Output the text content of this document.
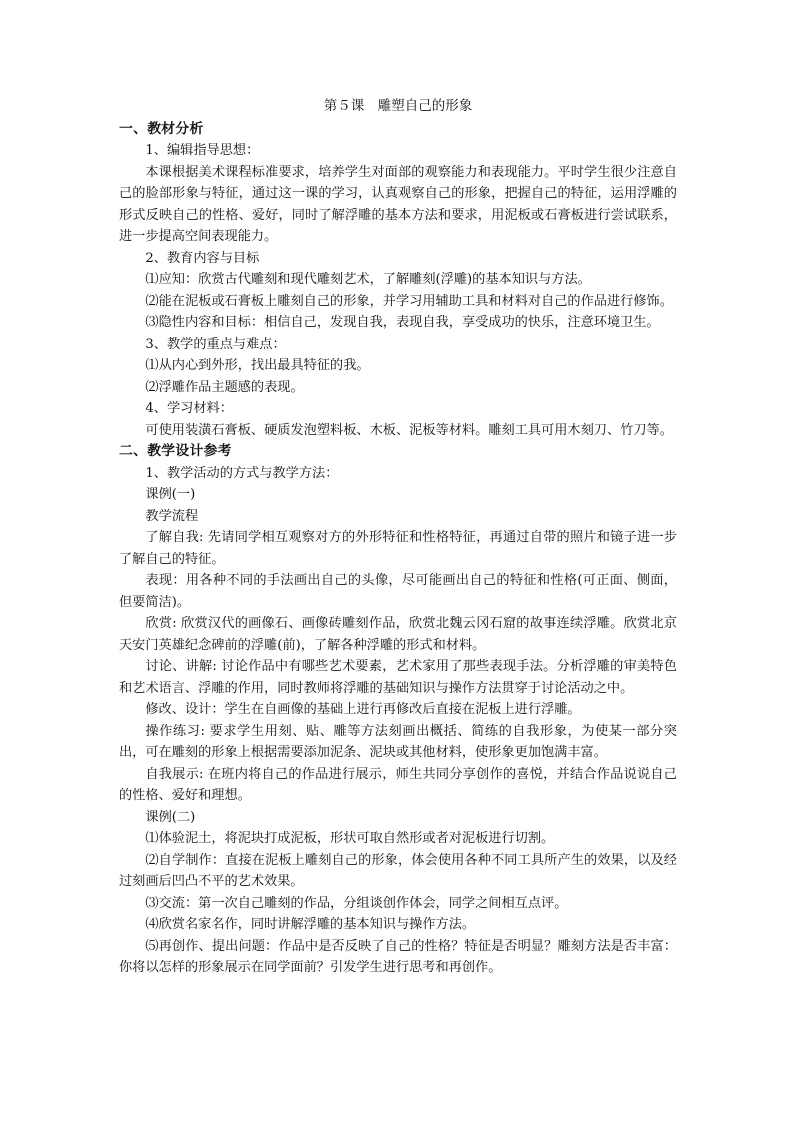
第５课　雕塑自己的形象
一、教材分析

1、编辑指导思想：

本课根据美术课程标准要求，培养学生对面部的观察能力和表现能力。平时学生很少注意自己的脸部形象与特征，通过这一课的学习，认真观察自己的形象，把握自己的特征，运用浮雕的形式反映自己的性格、爱好，同时了解浮雕的基本方法和要求，用泥板或石膏板进行尝试联系，进一步提高空间表现能力。

2、教育内容与目标

⑴应知：欣赏古代雕刻和现代雕刻艺术，了解雕刻(浮雕)的基本知识与方法。

⑵能在泥板或石膏板上雕刻自己的形象，并学习用辅助工具和材料对自己的作品进行修饰。

⑶隐性内容和目标：相信自己，发现自我，表现自我，享受成功的快乐，注意环境卫生。

3、教学的重点与难点：

⑴从内心到外形，找出最具特征的我。

⑵浮雕作品主题感的表现。

4、学习材料：

可使用装潢石膏板、硬质发泡塑料板、木板、泥板等材料。雕刻工具可用木刻刀、竹刀等。

二、教学设计参考

1、教学活动的方式与教学方法：

课例(一)

教学流程

了解自我: 先请同学相互观察对方的外形特征和性格特征，再通过自带的照片和镜子进一步了解自己的特征。

表现：用各种不同的手法画出自己的头像，尽可能画出自己的特征和性格(可正面、侧面，但要简洁)。

欣赏: 欣赏汉代的画像石、画像砖雕刻作品，欣赏北魏云冈石窟的故事连续浮雕。欣赏北京天安门英雄纪念碑前的浮雕(前)，了解各种浮雕的形式和材料。

讨论、讲解: 讨论作品中有哪些艺术要素，艺术家用了那些表现手法。分析浮雕的审美特色和艺术语言、浮雕的作用，同时教师将浮雕的基础知识与操作方法贯穿于讨论活动之中。

修改、设计：学生在自画像的基础上进行再修改后直接在泥板上进行浮雕。

操作练习: 要求学生用刻、贴、雕等方法刻画出概括、简练的自我形象，为使某一部分突出，可在雕刻的形象上根据需要添加泥条、泥块或其他材料，使形象更加饱满丰富。

自我展示: 在班内将自己的作品进行展示，师生共同分享创作的喜悦，并结合作品说说自己的性格、爱好和理想。

课例(二)

⑴体验泥土，将泥块打成泥板，形状可取自然形或者对泥板进行切割。

⑵自学制作：直接在泥板上雕刻自己的形象，体会使用各种不同工具所产生的效果，以及经过刻画后凹凸不平的艺术效果。

⑶交流：第一次自己雕刻的作品，分组谈创作体会，同学之间相互点评。

⑷欣赏名家名作，同时讲解浮雕的基本知识与操作方法。

⑸再创作、提出问题：作品中是否反映了自己的性格？特征是否明显？雕刻方法是否丰富：你将以怎样的形象展示在同学面前？引发学生进行思考和再创作。
